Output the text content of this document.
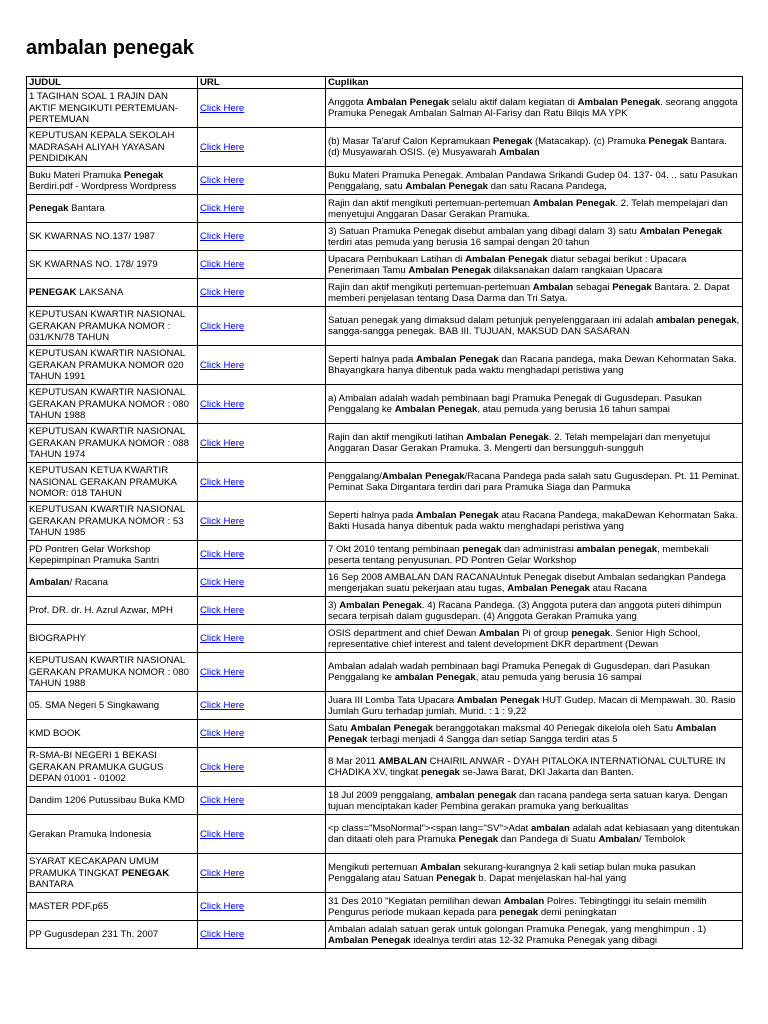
ambalan penegak
JUDUL	URL	Cuplikan
1 TAGIHAN SOAL 1 RAJIN DAN AKTIF MENGIKUTI PERTEMUAN-PERTEMUAN	Click Here	Anggota Ambalan Penegak selalu aktif dalam kegiatan di Ambalan Penegak. seorang anggota Pramuka Penegak Ambalan Salman Al-Farisy dan Ratu Bilqis MA YPK
KEPUTUSAN KEPALA SEKOLAH MADRASAH ALIYAH YAYASAN PENDIDIKAN	Click Here	(b) Masar Ta'aruf Calon Kepramukaan Penegak (Matacakap). (c) Pramuka Penegak Bantara. (d) Musyawarah OSIS. (e) Musyawarah Ambalan
Buku Materi Pramuka Penegak Berdiri.pdf - Wordpress Wordpress	Click Here	Buku Materi Pramuka Penegak. Ambalan Pandawa Srikandi Gudep 04. 137- 04. .. satu Pasukan Penggalang, satu Ambalan Penegak dan satu Racana Pandega,
Penegak Bantara	Click Here	Rajin dan aktif mengikuti pertemuan-pertemuan Ambalan Penegak. 2. Telah mempelajari dan menyetujui Anggaran Dasar Gerakan Pramuka.
SK KWARNAS NO.137/ 1987	Click Here	3) Satuan Pramuka Penegak disebut ambalan yang dibagi dalam 3) satu Ambalan Penegak terdiri atas pemuda yang berusia 16 sampai dengan 20 tahun
SK KWARNAS NO. 178/ 1979	Click Here	Upacara Pembukaan Latihan di Ambalan Penegak diatur sebagai berikut : Upacara Penerimaan Tamu Ambalan Penegak dilaksanakan dalam rangkaian Upacara
PENEGAK LAKSANA	Click Here	Rajin dan aktif mengikuti pertemuan-pertemuan Ambalan sebagai Penegak Bantara. 2. Dapat memberi penjelasan tentang Dasa Darma dan Tri Satya.
KEPUTUSAN KWARTIR NASIONAL GERAKAN PRAMUKA NOMOR : 031/KN/78 TAHUN	Click Here	Satuan penegak yang dimaksud dalam petunjuk penyelenggaraan ini adalah ambalan penegak, sangga-sangga penegak. BAB III. TUJUAN, MAKSUD DAN SASARAN
KEPUTUSAN KWARTIR NASIONAL GERAKAN PRAMUKA NOMOR 020 TAHUN 1991	Click Here	Seperti halnya pada Ambalan Penegak dan Racana pandega, maka Dewan Kehormatan Saka. Bhayangkara hanya dibentuk pada waktu menghadapi peristiwa yang
KEPUTUSAN KWARTIR NASIONAL GERAKAN PRAMUKA NOMOR : 080 TAHUN 1988	Click Here	a) Ambalan adalah wadah pembinaan bagi Pramuka Penegak di Gugusdepan. Pasukan Penggalang ke Ambalan Penegak, atau pemuda yang berusia 16 tahun sampai
KEPUTUSAN KWARTIR NASIONAL GERAKAN PRAMUKA NOMOR : 088 TAHUN 1974	Click Here	Rajin dan aktif mengikuti latihan Ambalan Penegak. 2. Telah mempelajari dan menyetujui Anggaran Dasar Gerakan Pramuka. 3. Mengerti dan bersungguh-sungguh
KEPUTUSAN KETUA KWARTIR NASIONAL GERAKAN PRAMUKA NOMOR: 018 TAHUN	Click Here	Penggalang/Ambalan Penegak/Racana Pandega pada salah satu Gugusdepan. Pt. 11 Peminat. Peminat Saka Dirgantara terdiri dari para Pramuka Siaga dan Parmuka
KEPUTUSAN KWARTIR NASIONAL GERAKAN PRAMUKA NOMOR : 53 TAHUN 1985	Click Here	Seperti halnya pada Ambalan Penegak atau Racana Pandega, makaDewan Kehormatan Saka. Bakti Husada hanya dibentuk pada waktu menghadapi peristiwa yang
PD Pontren Gelar Workshop Kepepimpinan Pramuka Santri	Click Here	7 Okt 2010 tentang pembinaan penegak dan administrasi ambalan penegak, membekali peserta tentang penyusunan. PD Pontren Gelar Workshop
Ambalan/ Racana	Click Here	16 Sep 2008 AMBALAN DAN RACANAUntuk Penegak disebut Ambalan sedangkan Pandega mengerjakan suatu pekerjaan atau tugas, Ambalan Penegak atau Racana
Prof. DR. dr. H. Azrul Azwar, MPH	Click Here	3) Ambalan Penegak. 4) Racana Pandega. (3) Anggota putera dan anggota puteri dihimpun secara terpisah dalam gugusdepan. (4) Anggota Gerakan Pramuka yang
BIOGRAPHY	Click Here	OSIS department and chief Dewan Ambalan Pi of group penegak. Senior High School, representative chief interest and talent development DKR department (Dewan
KEPUTUSAN KWARTIR NASIONAL GERAKAN PRAMUKA NOMOR : 080 TAHUN 1988	Click Here	Ambalan adalah wadah pembinaan bagi Pramuka Penegak di Gugusdepan. dari Pasukan Penggalang ke ambalan Penegak, atau pemuda yang berusia 16 sampai
05. SMA Negeri 5 Singkawang	Click Here	Juara III Lomba Tata Upacara Ambalan Penegak HUT Gudep. Macan di Mempawah. 30. Rasio Jumlah Guru terhadap jumlah. Murid. : 1 : 9,22
KMD BOOK	Click Here	Satu Ambalan Penegak beranggotakan maksmal 40 Penegak dikelola oleh Satu Ambalan Penegak terbagi menjadi 4 Sangga dan setiap Sangga terdiri atas 5
R-SMA-BI NEGERI 1 BEKASI GERAKAN PRAMUKA GUGUS DEPAN 01001 - 01002	Click Here	8 Mar 2011 AMBALAN CHAIRIL ANWAR - DYAH PITALOKA INTERNATIONAL CULTURE IN CHADIKA XV, tingkat penegak se-Jawa Barat, DKI Jakarta dan Banten.
Dandim 1206 Putussibau Buka KMD	Click Here	18 Jul 2009 penggalang, ambalan penegak dan racana pandega serta satuan karya. Dengan tujuan menciptakan kader Pembina gerakan pramuka yang berkualitas
Gerakan Pramuka Indonesia	Click Here	<p class="MsoNormal"><span lang="SV">Adat ambalan adalah adat kebiasaan yang ditentukan dan ditaati oleh para Pramuka Penegak dan Pandega di Suatu Ambalan/ Tembolok
SYARAT KECAKAPAN UMUM PRAMUKA TINGKAT PENEGAK BANTARA	Click Here	Mengikuti pertemuan Ambalan sekurang-kurangnya 2 kali setiap bulan muka pasukan Penggalang atau Satuan Penegak b. Dapat menjelaskan hal-hal yang
MASTER PDF.p65	Click Here	31 Des 2010 "Kegiatan pemilihan dewan Ambalan Polres. Tebingtinggi itu selain memilih Pengurus periode mukaan kepada para penegak demi peningkatan
PP Gugusdepan 231 Th. 2007	Click Here	Ambalan adalah satuan gerak untuk golongan Pramuka Penegak, yang menghimpun . 1) Ambalan Penegak idealnya terdiri atas 12-32 Pramuka Penegak yang dibagi
